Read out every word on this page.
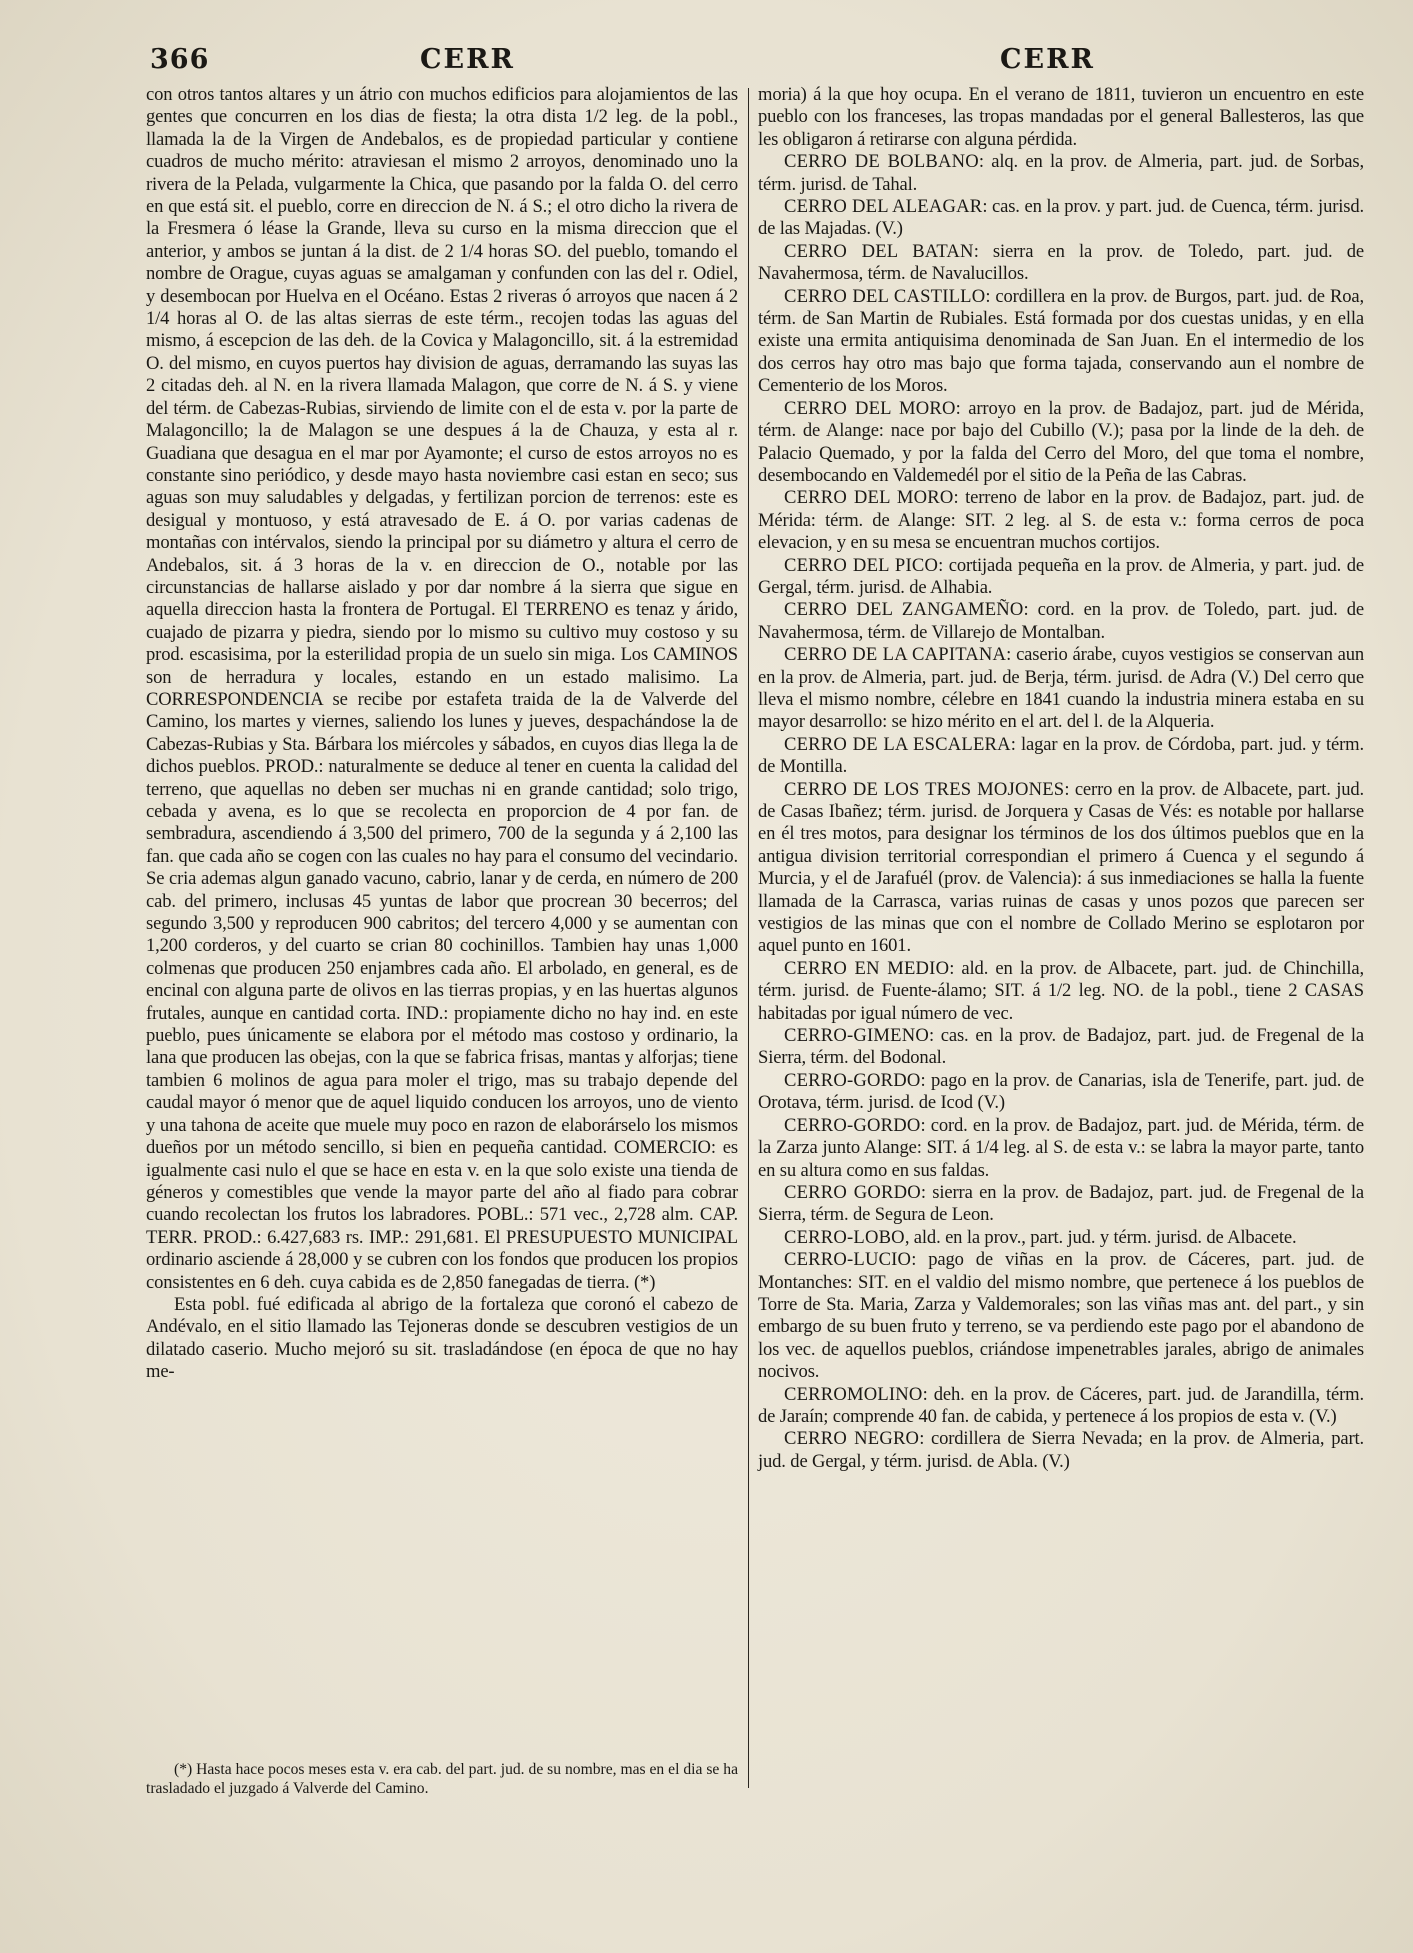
366	CERR	CERR

con otros tantos altares y un átrio con muchos edificios para alojamientos de las gentes que concurren en los dias de fiesta; la otra dista 1/2 leg. de la pobl., llamada la de la Virgen de Andebalos, es de propiedad particular y contiene cuadros de mucho mérito: atraviesan el mismo 2 arroyos, denominado uno la rivera de la Pelada, vulgarmente la Chica, que pasando por la falda O. del cerro en que está sit. el pueblo, corre en direccion de N. á S.; el otro dicho la rivera de la Fresmera ó léase la Grande, lleva su curso en la misma direccion que el anterior, y ambos se juntan á la dist. de 2 1/4 horas SO. del pueblo, tomando el nombre de Orague, cuyas aguas se amalgaman y confunden con las del r. Odiel, y desembocan por Huelva en el Océano. Estas 2 riveras ó arroyos que nacen á 2 1/4 horas al O. de las altas sierras de este térm., recojen todas las aguas del mismo, á escepcion de las deh. de la Covica y Malagoncillo, sit. á la estremidad O. del mismo, en cuyos puertos hay division de aguas, derramando las suyas las 2 citadas deh. al N. en la rivera llamada Malagon, que corre de N. á S. y viene del térm. de Cabezas-Rubias, sirviendo de limite con el de esta v. por la parte de Malagoncillo; la de Malagon se une despues á la de Chauza, y esta al r. Guadiana que desagua en el mar por Ayamonte; el curso de estos arroyos no es constante sino periódico, y desde mayo hasta noviembre casi estan en seco; sus aguas son muy saludables y delgadas, y fertilizan porcion de terrenos: este es desigual y montuoso, y está atravesado de E. á O. por varias cadenas de montañas con intérvalos, siendo la principal por su diámetro y altura el cerro de Andebalos, sit. á 3 horas de la v. en direccion de O., notable por las circunstancias de hallarse aislado y por dar nombre á la sierra que sigue en aquella direccion hasta la frontera de Portugal. El TERRENO es tenaz y árido, cuajado de pizarra y piedra, siendo por lo mismo su cultivo muy costoso y su prod. escasisima, por la esterilidad propia de un suelo sin miga. Los CAMINOS son de herradura y locales, estando en un estado malisimo. La CORRESPONDENCIA se recibe por estafeta traida de la de Valverde del Camino, los martes y viernes, saliendo los lunes y jueves, despachándose la de Cabezas-Rubias y Sta. Bárbara los miércoles y sábados, en cuyos dias llega la de dichos pueblos. PROD.: naturalmente se deduce al tener en cuenta la calidad del terreno, que aquellas no deben ser muchas ni en grande cantidad; solo trigo, cebada y avena, es lo que se recolecta en proporcion de 4 por fan. de sembradura, ascendiendo á 3,500 del primero, 700 de la segunda y á 2,100 las fan. que cada año se cogen con las cuales no hay para el consumo del vecindario. Se cria ademas algun ganado vacuno, cabrio, lanar y de cerda, en número de 200 cab. del primero, inclusas 45 yuntas de labor que procrean 30 becerros; del segundo 3,500 y reproducen 900 cabritos; del tercero 4,000 y se aumentan con 1,200 corderos, y del cuarto se crian 80 cochinillos. Tambien hay unas 1,000 colmenas que producen 250 enjambres cada año. El arbolado, en general, es de encinal con alguna parte de olivos en las tierras propias, y en las huertas algunos frutales, aunque en cantidad corta. IND.: propiamente dicho no hay ind. en este pueblo, pues únicamente se elabora por el método mas costoso y ordinario, la lana que producen las obejas, con la que se fabrica frisas, mantas y alforjas; tiene tambien 6 molinos de agua para moler el trigo, mas su trabajo depende del caudal mayor ó menor que de aquel liquido conducen los arroyos, uno de viento y una tahona de aceite que muele muy poco en razon de elaborárselo los mismos dueños por un método sencillo, si bien en pequeña cantidad. COMERCIO: es igualmente casi nulo el que se hace en esta v. en la que solo existe una tienda de géneros y comestibles que vende la mayor parte del año al fiado para cobrar cuando recolectan los frutos los labradores. POBL.: 571 vec., 2,728 alm. CAP. TERR. PROD.: 6.427,683 rs. IMP.: 291,681. El PRESUPUESTO MUNICIPAL ordinario asciende á 28,000 y se cubren con los fondos que producen los propios consistentes en 6 deh. cuya cabida es de 2,850 fanegadas de tierra. (*)

Esta pobl. fué edificada al abrigo de la fortaleza que coronó el cabezo de Andévalo, en el sitio llamado las Tejoneras donde se descubren vestigios de un dilatado caserio. Mucho mejoró su sit. trasladándose (en época de que no hay me-

(*) Hasta hace pocos meses esta v. era cab. del part. jud. de su nombre, mas en el dia se ha trasladado el juzgado á Valverde del Camino.

moria) á la que hoy ocupa. En el verano de 1811, tuvieron un encuentro en este pueblo con los franceses, las tropas mandadas por el general Ballesteros, las que les obligaron á retirarse con alguna pérdida.

CERRO DE BOLBANO: alq. en la prov. de Almeria, part. jud. de Sorbas, térm. jurisd. de Tahal.

CERRO DEL ALEAGAR: cas. en la prov. y part. jud. de Cuenca, térm. jurisd. de las Majadas. (V.)

CERRO DEL BATAN: sierra en la prov. de Toledo, part. jud. de Navahermosa, térm. de Navalucillos.

CERRO DEL CASTILLO: cordillera en la prov. de Burgos, part. jud. de Roa, térm. de San Martin de Rubiales. Está formada por dos cuestas unidas, y en ella existe una ermita antiquisima denominada de San Juan. En el intermedio de los dos cerros hay otro mas bajo que forma tajada, conservando aun el nombre de Cementerio de los Moros.

CERRO DEL MORO: arroyo en la prov. de Badajoz, part. jud de Mérida, térm. de Alange: nace por bajo del Cubillo (V.); pasa por la linde de la deh. de Palacio Quemado, y por la falda del Cerro del Moro, del que toma el nombre, desembocando en Valdemedél por el sitio de la Peña de las Cabras.

CERRO DEL MORO: terreno de labor en la prov. de Badajoz, part. jud. de Mérida: térm. de Alange: SIT. 2 leg. al S. de esta v.: forma cerros de poca elevacion, y en su mesa se encuentran muchos cortijos.

CERRO DEL PICO: cortijada pequeña en la prov. de Almeria, y part. jud. de Gergal, térm. jurisd. de Alhabia.

CERRO DEL ZANGAMEÑO: cord. en la prov. de Toledo, part. jud. de Navahermosa, térm. de Villarejo de Montalban.

CERRO DE LA CAPITANA: caserio árabe, cuyos vestigios se conservan aun en la prov. de Almeria, part. jud. de Berja, térm. jurisd. de Adra (V.) Del cerro que lleva el mismo nombre, célebre en 1841 cuando la industria minera estaba en su mayor desarrollo: se hizo mérito en el art. del l. de la Alqueria.

CERRO DE LA ESCALERA: lagar en la prov. de Córdoba, part. jud. y térm. de Montilla.

CERRO DE LOS TRES MOJONES: cerro en la prov. de Albacete, part. jud. de Casas Ibañez; térm. jurisd. de Jorquera y Casas de Vés: es notable por hallarse en él tres motos, para designar los términos de los dos últimos pueblos que en la antigua division territorial correspondian el primero á Cuenca y el segundo á Murcia, y el de Jarafuél (prov. de Valencia): á sus inmediaciones se halla la fuente llamada de la Carrasca, varias ruinas de casas y unos pozos que parecen ser vestigios de las minas que con el nombre de Collado Merino se esplotaron por aquel punto en 1601.

CERRO EN MEDIO: ald. en la prov. de Albacete, part. jud. de Chinchilla, térm. jurisd. de Fuente-álamo; SIT. á 1/2 leg. NO. de la pobl., tiene 2 CASAS habitadas por igual número de vec.

CERRO-GIMENO: cas. en la prov. de Badajoz, part. jud. de Fregenal de la Sierra, térm. del Bodonal.

CERRO-GORDO: pago en la prov. de Canarias, isla de Tenerife, part. jud. de Orotava, térm. jurisd. de Icod (V.)

CERRO-GORDO: cord. en la prov. de Badajoz, part. jud. de Mérida, térm. de la Zarza junto Alange: SIT. á 1/4 leg. al S. de esta v.: se labra la mayor parte, tanto en su altura como en sus faldas.

CERRO GORDO: sierra en la prov. de Badajoz, part. jud. de Fregenal de la Sierra, térm. de Segura de Leon.

CERRO-LOBO, ald. en la prov., part. jud. y térm. jurisd. de Albacete.

CERRO-LUCIO: pago de viñas en la prov. de Cáceres, part. jud. de Montanches: SIT. en el valdio del mismo nombre, que pertenece á los pueblos de Torre de Sta. Maria, Zarza y Valdemorales; son las viñas mas ant. del part., y sin embargo de su buen fruto y terreno, se va perdiendo este pago por el abandono de los vec. de aquellos pueblos, criándose impenetrables jarales, abrigo de animales nocivos.

CERROMOLINO: deh. en la prov. de Cáceres, part. jud. de Jarandilla, térm. de Jaraín; comprende 40 fan. de cabida, y pertenece á los propios de esta v. (V.)

CERRO NEGRO: cordillera de Sierra Nevada; en la prov. de Almeria, part. jud. de Gergal, y térm. jurisd. de Abla. (V.)
